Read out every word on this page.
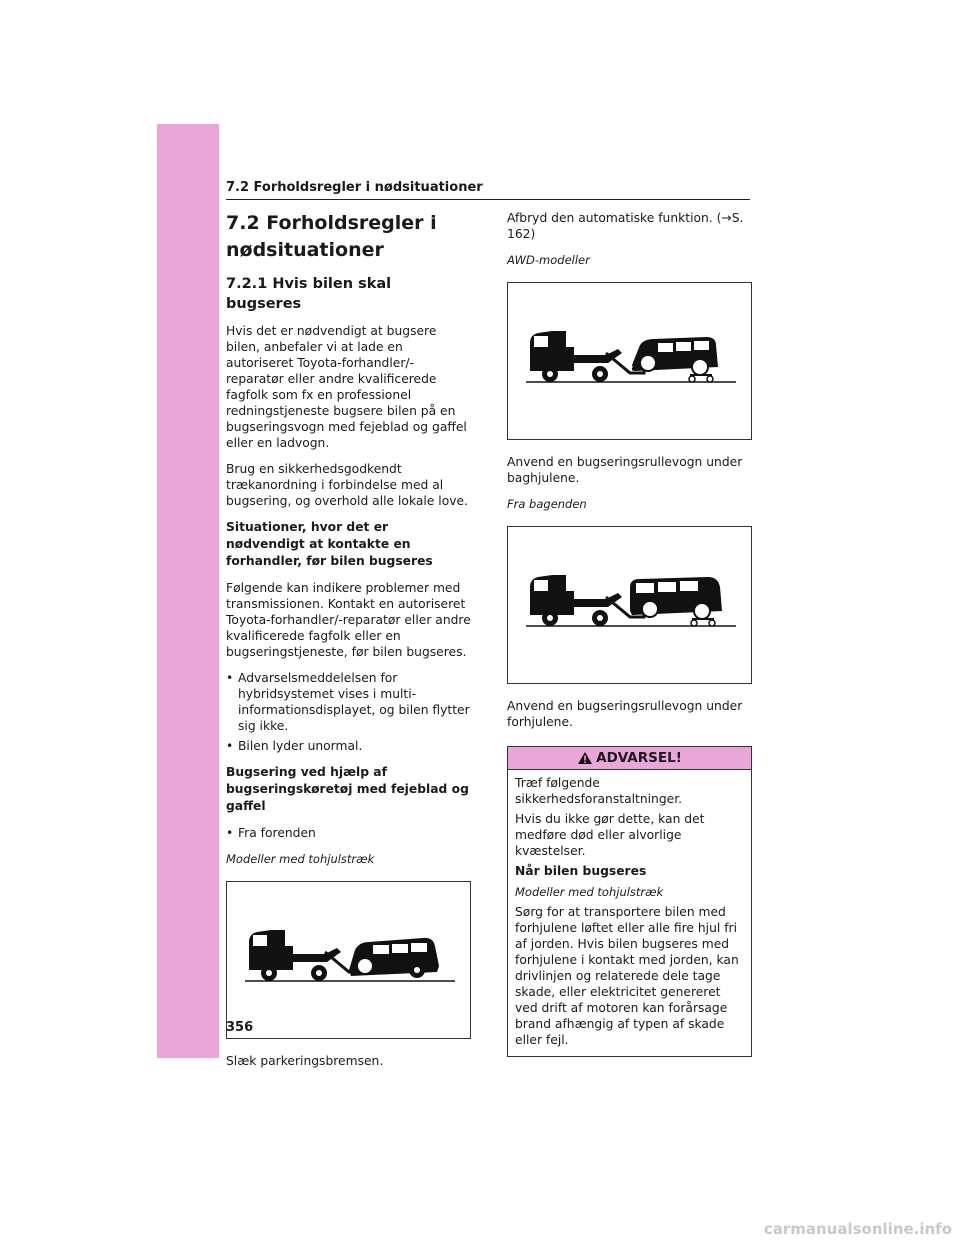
7.2 Forholdsregler i nødsituationer
7.2 Forholdsregler i nødsituationer
7.2.1 Hvis bilen skal bugseres

Hvis det er nødvendigt at bugsere bilen, anbefaler vi at lade en autoriseret Toyota-forhandler/-reparatør eller andre kvalificerede fagfolk som fx en professionel redningstjeneste bugsere bilen på en bugseringsvogn med fejeblad og gaffel eller en ladvogn.

Brug en sikkerhedsgodkendt trækanordning i forbindelse med al bugsering, og overhold alle lokale love.

Situationer, hvor det er nødvendigt at kontakte en forhandler, før bilen bugseres

Følgende kan indikere problemer med transmissionen. Kontakt en autoriseret Toyota-forhandler/-reparatør eller andre kvalificerede fagfolk eller en bugseringstjeneste, før bilen bugseres.

• Advarselsmeddelelsen for hybridsystemet vises i multi-informationsdisplayet, og bilen flytter sig ikke.
• Bilen lyder unormal.

Bugsering ved hjælp af bugseringskøretøj med fejeblad og gaffel

• Fra forenden

Modeller med tohjulstræk

Slæk parkeringsbremsen.

Afbryd den automatiske funktion. (→S. 162)

AWD-modeller

Anvend en bugseringsrullevogn under baghjulene.

Fra bagenden

Anvend en bugseringsrullevogn under forhjulene.

ADVARSEL!

Træf følgende sikkerhedsforanstaltninger.

Hvis du ikke gør dette, kan det medføre død eller alvorlige kvæstelser.

Når bilen bugseres

Modeller med tohjulstræk

Sørg for at transportere bilen med forhjulene løftet eller alle fire hjul fri af jorden. Hvis bilen bugseres med forhjulene i kontakt med jorden, kan drivlinjen og relaterede dele tage skade, eller elektricitet genereret ved drift af motoren kan forårsage brand afhængig af typen af skade eller fejl.

356
carmanualsonline.info
